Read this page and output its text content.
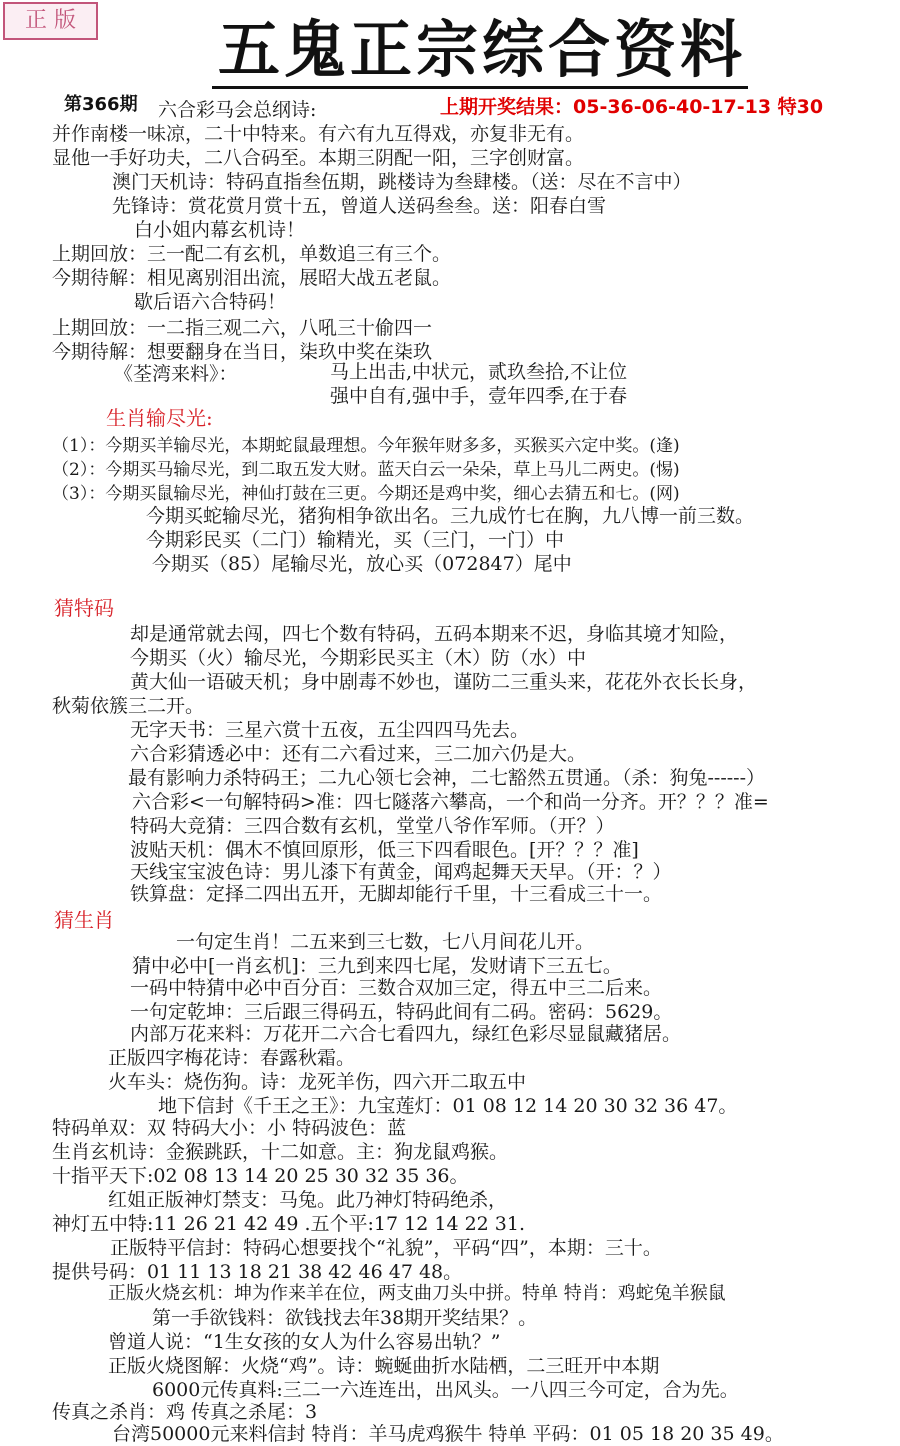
正 版	五鬼正宗综合资料
第366期	上期开奖结果：05-36-06-40-17-13 特30
生肖输尽光:
猜特码
猜生肖
六合彩马会总纲诗:
并作南楼一味凉，二十中特来。有六有九互得戏，亦复非无有。
显他一手好功夫，二八合码至。本期三阴配一阳，三字创财富。
澳门天机诗：特码直指叁伍期，跳楼诗为叁肆楼。（送：尽在不言中）
先锋诗：赏花赏月赏十五，曾道人送码叁叁。送：阳春白雪
白小姐内幕玄机诗！
上期回放：三一配二有玄机，单数追三有三个。
今期待解：相见离别泪出流，展昭大战五老鼠。
歇后语六合特码！
上期回放：一二指三观二六，八吼三十偷四一
今期待解：想要翻身在当日，柒玖中奖在柒玖
《荃湾来料》：	马上出击,中状元，贰玖叁拾,不让位
强中自有,强中手，壹年四季,在于春
（1）：今期买羊输尽光，本期蛇鼠最理想。今年猴年财多多，买猴买六定中奖。(逢)
（2）：今期买马输尽光，到二取五发大财。蓝天白云一朵朵，草上马儿二两史。(惕)
（3）：今期买鼠输尽光，神仙打鼓在三更。今期还是鸡中奖，细心去猜五和七。(网)
今期买蛇输尽光，猪狗相争欲出名。三九成竹七在胸，九八博一前三数。
今期彩民买（二门）输精光，买（三门，一门）中
今期买（85）尾输尽光，放心买（072847）尾中
却是通常就去闯，四七个数有特码，五码本期来不迟，身临其境才知险，
今期买（火）输尽光，今期彩民买主（木）防（水）中
黄大仙一语破天机；身中剧毒不妙也，谨防二三重头来，花花外衣长长身，
秋菊依簇三二开。
无字天书：三星六赏十五夜，五尘四四马先去。
六合彩猜透必中：还有二六看过来，三二加六仍是大。
最有影响力杀特码王；二九心领七会神，二七豁然五贯通。（杀：狗兔------）
六合彩<一句解特码>准：四七隧落六攀高，一个和尚一分齐。开？？？准=
特码大竞猜：三四合数有玄机，堂堂八爷作军师。（开？）
波贴天机：偶木不慎回原形，低三下四看眼色。[开？？？准]
天线宝宝波色诗：男儿漆下有黄金，闻鸡起舞天天早。（开：？）
铁算盘：定择二四出五开，无脚却能行千里，十三看成三十一。
一句定生肖！二五来到三七数，七八月间花儿开。
猜中必中[一肖玄机]：三九到来四七尾，发财请下三五七。
一码中特猜中必中百分百：三数合双加三定，得五中三二后来。
一句定乾坤：三后跟三得码五，特码此间有二码。密码：5629。
内部万花来料：万花开二六合七看四九，绿红色彩尽显鼠藏猪居。
正版四字梅花诗：春露秋霜。
火车头：烧伤狗。诗：龙死羊伤，四六开二取五中
地下信封《千王之王》：九宝莲灯：01 08 12 14 20 30 32 36 47。
特码单双：双 特码大小：小 特码波色：蓝
生肖玄机诗：金猴跳跃，十二如意。主：狗龙鼠鸡猴。
十指平天下:02 08 13 14 20 25 30 32 35 36。
红姐正版神灯禁支：马兔。此乃神灯特码绝杀，
神灯五中特:11 26 21 42 49 .五个平:17 12 14 22 31.
正版特平信封：特码心想要找个“礼貌”，平码“四”，本期：三十。
提供号码：01 11 13 18 21 38 42 46 47 48。
正版火烧玄机：坤为作来羊在位，两支曲刀头中拼。特单 特肖：鸡蛇兔羊猴鼠
第一手欲钱料：欲钱找去年38期开奖结果？。
曾道人说：“1生女孩的女人为什么容易出轨？”
正版火烧图解：火烧“鸡”。诗：蜿蜒曲折水陆栖，二三旺开中本期
6000元传真料:三二一六连连出，出风头。一八四三今可定，合为先。
传真之杀肖：鸡 传真之杀尾：3
台湾50000元来料信封 特肖：羊马虎鸡猴牛 特单 平码：01 05 18 20 35 49。
